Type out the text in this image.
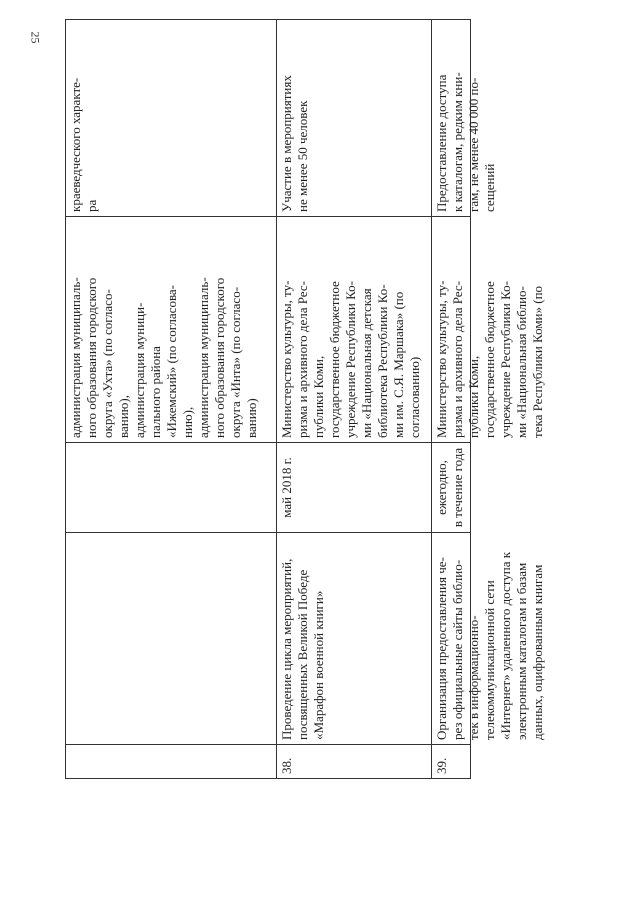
25
администрация муниципаль- ного образования городского округа «Ухта» (по согласо- ванию), администрация муници- пального района «Ижемский» (по согласова- нию), администрация муниципаль- ного образования городского округа «Инта» (по согласо- ванию)
краеведческого характе- ра
38.
Проведение цикла мероприятий, посвященных Великой Победе «Марафон военной книги»
май 2018 г.
Министерство культуры, ту- ризма и архивного дела Рес- публики Коми, государственное бюджетное учреждение Республики Ко- ми «Национальная детская библиотека Республики Ко- ми им. С.Я. Маршака» (по согласованию)
Участие в мероприятиях не менее 50 человек
39.
Организация предоставления че- рез официальные сайты библио- тек в информационно- телекоммуникационной сети «Интернет» удаленного доступа к электронным каталогам и базам данных, оцифрованным книгам
ежегодно, в течение года
Министерство культуры, ту- ризма и архивного дела Рес- публики Коми, государственное бюджетное учреждение Республики Ко- ми «Национальная библио- тека Республики Коми» (по
Предоставление доступа к каталогам, редким кни- гам, не менее 40 000 по- сещений
